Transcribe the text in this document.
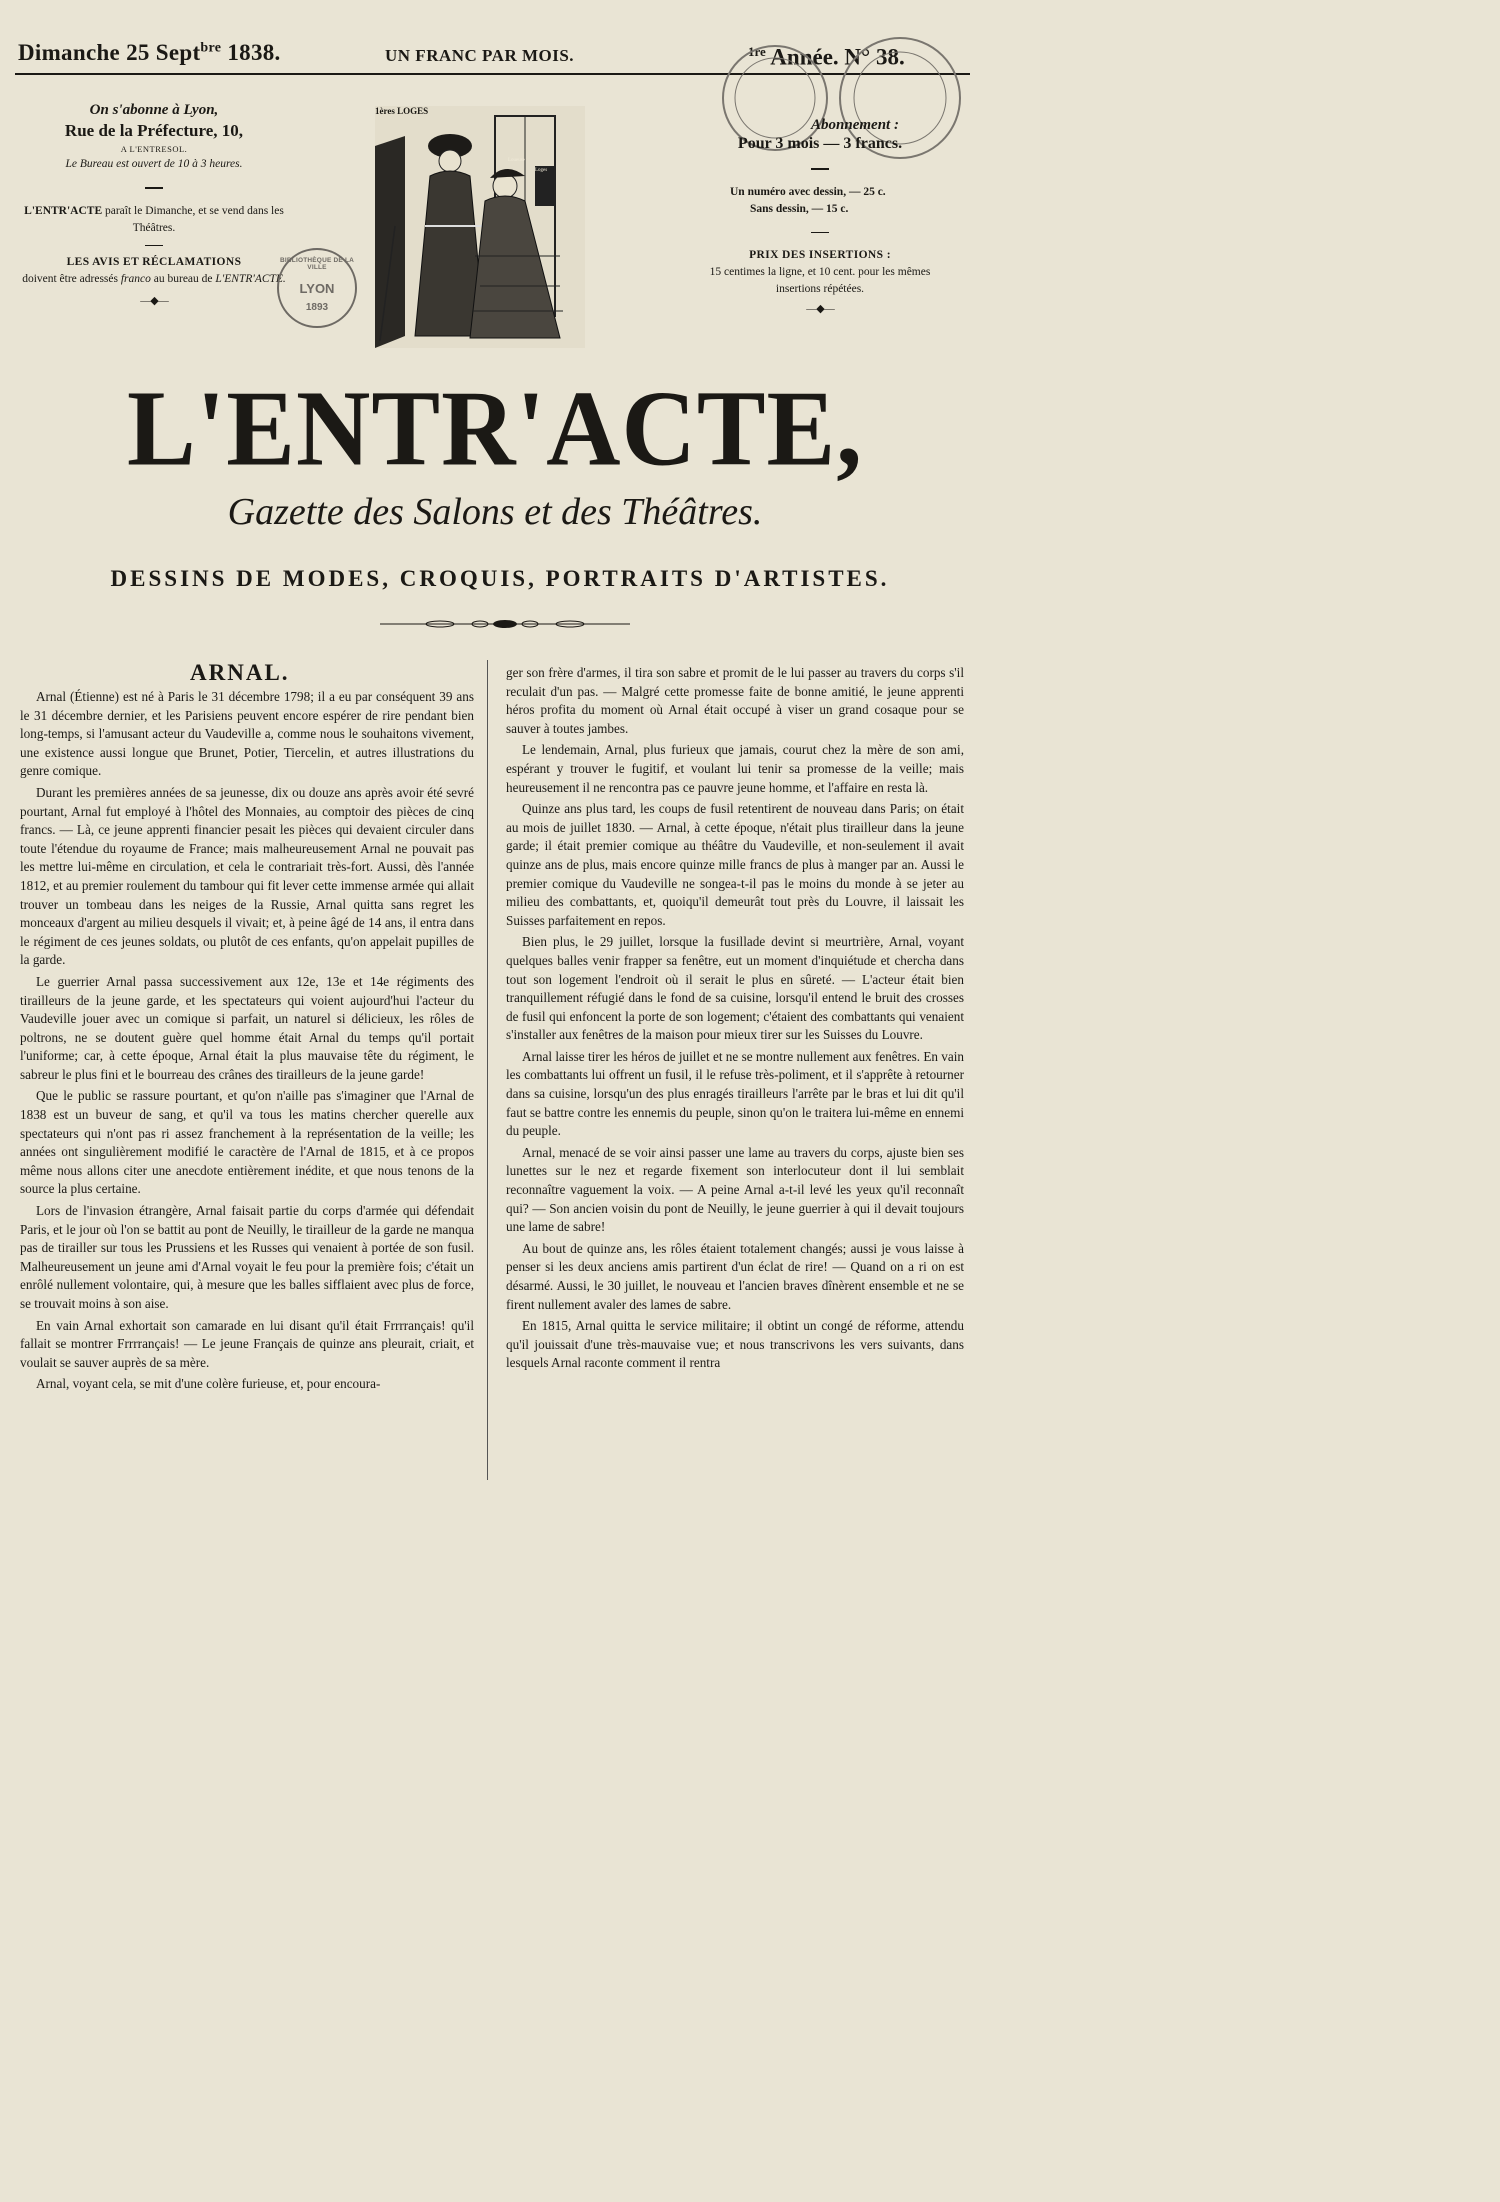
Dimanche 25 Sept$^{bre}$ 1838.	UN FRANC PAR MOIS.	$^{1re}$ Année. N° 38.
On s'abonne à Lyon,
Rue de la Préfecture, 10,
A L'ENTRESOL.
Le Bureau est ouvert de 10 à 3 heures.
L'ENTR'ACTE paraît le Dimanche, et se vend dans les Théâtres.
LES AVIS ET RÉCLAMATIONS
doivent être adressés franco au bureau de L'ENTR'ACTE.
—◆—
BIBLIOTHÈQUE DE LA VILLE
LYON
1893
1ères LOGES
Loueuse
Loges
Abonnement :
Pour 3 mois — 3 francs.
Un numéro avec dessin, — 25 c.
Sans dessin, — 15 c.
PRIX DES INSERTIONS :
15 centimes la ligne, et 10 cent. pour les mêmes insertions répétées.
—◆—
L'ENTR'ACTE,
Gazette des Salons et des Théâtres.
DESSINS DE MODES, CROQUIS, PORTRAITS D'ARTISTES.
ARNAL.

Arnal (Étienne) est né à Paris le 31 décembre 1798; il a eu par conséquent 39 ans le 31 décembre dernier, et les Parisiens peuvent encore espérer de rire pendant bien long-temps, si l'amusant acteur du Vaudeville a, comme nous le souhaitons vivement, une existence aussi longue que Brunet, Potier, Tiercelin, et autres illustrations du genre comique.

Durant les premières années de sa jeunesse, dix ou douze ans après avoir été sevré pourtant, Arnal fut employé à l'hôtel des Monnaies, au comptoir des pièces de cinq francs. — Là, ce jeune apprenti financier pesait les pièces qui devaient circuler dans toute l'étendue du royaume de France; mais malheureusement Arnal ne pouvait pas les mettre lui-même en circulation, et cela le contrariait très-fort. Aussi, dès l'année 1812, et au premier roulement du tambour qui fit lever cette immense armée qui allait trouver un tombeau dans les neiges de la Russie, Arnal quitta sans regret les monceaux d'argent au milieu desquels il vivait; et, à peine âgé de 14 ans, il entra dans le régiment de ces jeunes soldats, ou plutôt de ces enfants, qu'on appelait pupilles de la garde.

Le guerrier Arnal passa successivement aux 12e, 13e et 14e régiments des tirailleurs de la jeune garde, et les spectateurs qui voient aujourd'hui l'acteur du Vaudeville jouer avec un comique si parfait, un naturel si délicieux, les rôles de poltrons, ne se doutent guère quel homme était Arnal du temps qu'il portait l'uniforme; car, à cette époque, Arnal était la plus mauvaise tête du régiment, le sabreur le plus fini et le bourreau des crânes des tirailleurs de la jeune garde!

Que le public se rassure pourtant, et qu'on n'aille pas s'imaginer que l'Arnal de 1838 est un buveur de sang, et qu'il va tous les matins chercher querelle aux spectateurs qui n'ont pas ri assez franchement à la représentation de la veille; les années ont singulièrement modifié le caractère de l'Arnal de 1815, et à ce propos même nous allons citer une anecdote entièrement inédite, et que nous tenons de la source la plus certaine.

Lors de l'invasion étrangère, Arnal faisait partie du corps d'armée qui défendait Paris, et le jour où l'on se battit au pont de Neuilly, le tirailleur de la garde ne manqua pas de tirailler sur tous les Prussiens et les Russes qui venaient à portée de son fusil. Malheureusement un jeune ami d'Arnal voyait le feu pour la première fois; c'était un enrôlé nullement volontaire, qui, à mesure que les balles sifflaient avec plus de force, se trouvait moins à son aise.

En vain Arnal exhortait son camarade en lui disant qu'il était Frrrrançais! qu'il fallait se montrer Frrrrançais! — Le jeune Français de quinze ans pleurait, criait, et voulait se sauver auprès de sa mère.

Arnal, voyant cela, se mit d'une colère furieuse, et, pour encoura-

ger son frère d'armes, il tira son sabre et promit de le lui passer au travers du corps s'il reculait d'un pas. — Malgré cette promesse faite de bonne amitié, le jeune apprenti héros profita du moment où Arnal était occupé à viser un grand cosaque pour se sauver à toutes jambes.

Le lendemain, Arnal, plus furieux que jamais, courut chez la mère de son ami, espérant y trouver le fugitif, et voulant lui tenir sa promesse de la veille; mais heureusement il ne rencontra pas ce pauvre jeune homme, et l'affaire en resta là.

Quinze ans plus tard, les coups de fusil retentirent de nouveau dans Paris; on était au mois de juillet 1830. — Arnal, à cette époque, n'était plus tirailleur dans la jeune garde; il était premier comique au théâtre du Vaudeville, et non-seulement il avait quinze ans de plus, mais encore quinze mille francs de plus à manger par an. Aussi le premier comique du Vaudeville ne songea-t-il pas le moins du monde à se jeter au milieu des combattants, et, quoiqu'il demeurât tout près du Louvre, il laissait les Suisses parfaitement en repos.

Bien plus, le 29 juillet, lorsque la fusillade devint si meurtrière, Arnal, voyant quelques balles venir frapper sa fenêtre, eut un moment d'inquiétude et chercha dans tout son logement l'endroit où il serait le plus en sûreté. — L'acteur était bien tranquillement réfugié dans le fond de sa cuisine, lorsqu'il entend le bruit des crosses de fusil qui enfoncent la porte de son logement; c'étaient des combattants qui venaient s'installer aux fenêtres de la maison pour mieux tirer sur les Suisses du Louvre.

Arnal laisse tirer les héros de juillet et ne se montre nullement aux fenêtres. En vain les combattants lui offrent un fusil, il le refuse très-poliment, et il s'apprête à retourner dans sa cuisine, lorsqu'un des plus enragés tirailleurs l'arrête par le bras et lui dit qu'il faut se battre contre les ennemis du peuple, sinon qu'on le traitera lui-même en ennemi du peuple.

Arnal, menacé de se voir ainsi passer une lame au travers du corps, ajuste bien ses lunettes sur le nez et regarde fixement son interlocuteur dont il lui semblait reconnaître vaguement la voix. — A peine Arnal a-t-il levé les yeux qu'il reconnaît qui? — Son ancien voisin du pont de Neuilly, le jeune guerrier à qui il devait toujours une lame de sabre!

Au bout de quinze ans, les rôles étaient totalement changés; aussi je vous laisse à penser si les deux anciens amis partirent d'un éclat de rire! — Quand on a ri on est désarmé. Aussi, le 30 juillet, le nouveau et l'ancien braves dînèrent ensemble et ne se firent nullement avaler des lames de sabre.

En 1815, Arnal quitta le service militaire; il obtint un congé de réforme, attendu qu'il jouissait d'une très-mauvaise vue; et nous transcrivons les vers suivants, dans lesquels Arnal raconte comment il rentra
